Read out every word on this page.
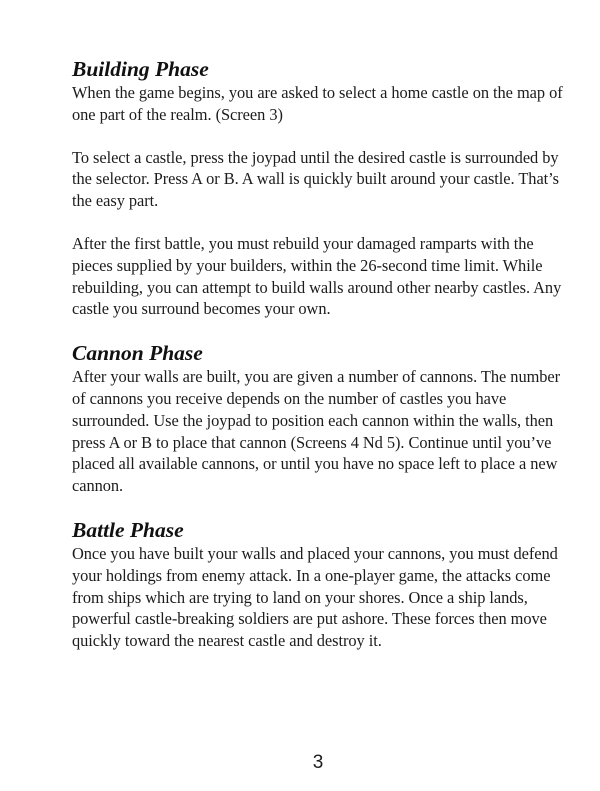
Building Phase

When the game begins, you are asked to select a home castle on the map of one part of the realm. (Screen 3)

To select a castle, press the joypad until the desired castle is surrounded by the selector. Press A or B. A wall is quickly built around your castle. That’s the easy part.

After the first battle, you must rebuild your damaged ramparts with the pieces supplied by your builders, within the 26-second time limit. While rebuilding, you can attempt to build walls around other nearby castles. Any castle you surround becomes your own.

Cannon Phase

After your walls are built, you are given a number of cannons. The number of cannons you receive depends on the number of castles you have surrounded. Use the joypad to position each cannon within the walls, then press A or B to place that cannon (Screens 4 Nd 5). Continue until you’ve placed all available cannons, or until you have no space left to place a new cannon.

Battle Phase

Once you have built your walls and placed your cannons, you must defend your holdings from enemy attack. In a one-player game, the attacks come from ships which are trying to land on your shores. Once a ship lands, powerful castle-breaking soldiers are put ashore. These forces then move quickly toward the nearest castle and destroy it.

3
